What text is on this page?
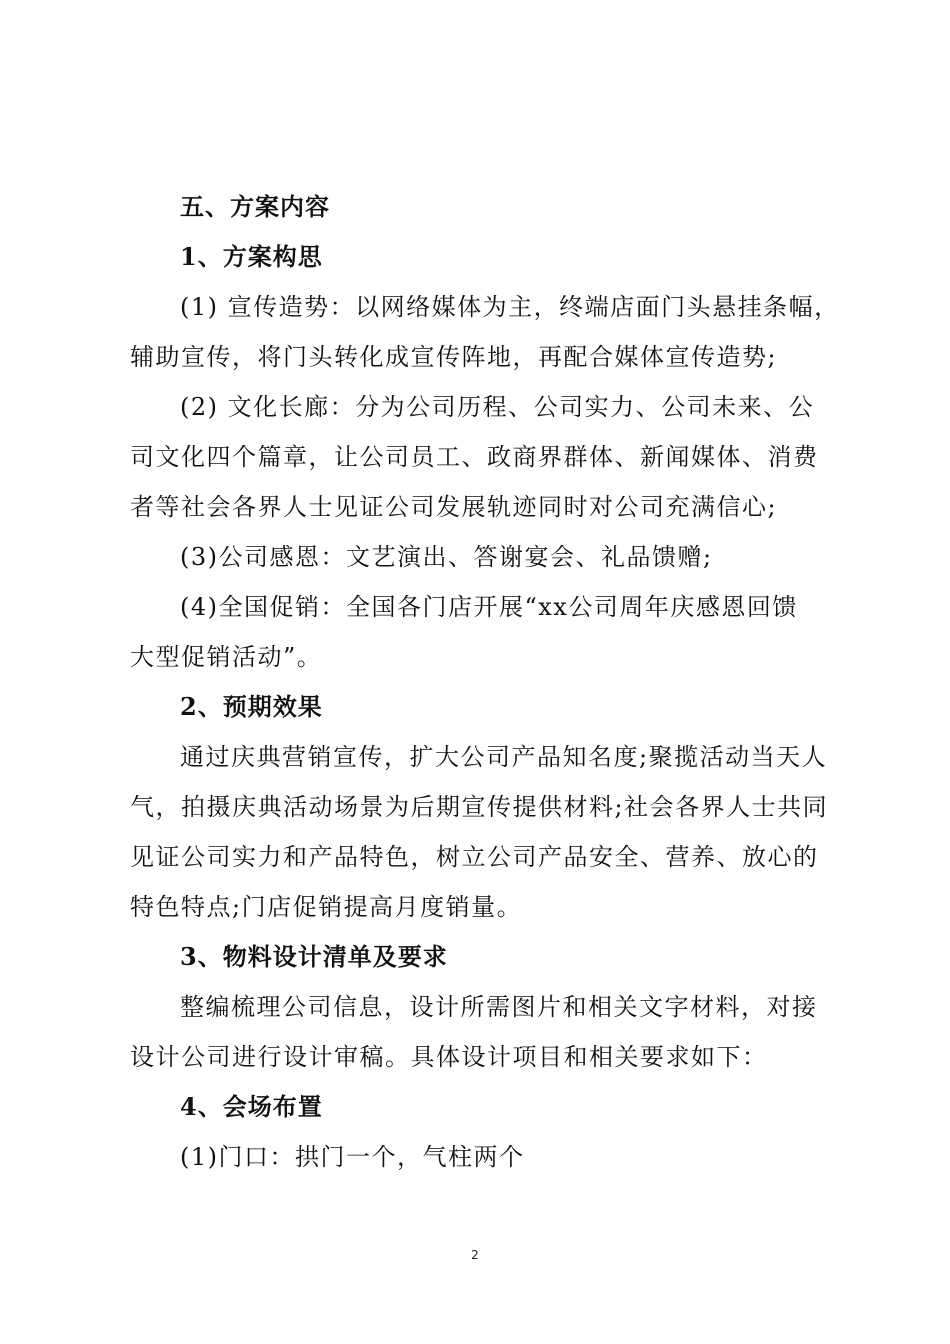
五、方案内容
1、方案构思
(1) 宣传造势：以网络媒体为主，终端店面门头悬挂条幅，
辅助宣传，将门头转化成宣传阵地，再配合媒体宣传造势;
(2) 文化长廊：分为公司历程、公司实力、公司未来、公
司文化四个篇章，让公司员工、政商界群体、新闻媒体、消费
者等社会各界人士见证公司发展轨迹同时对公司充满信心;
(3)公司感恩：文艺演出、答谢宴会、礼品馈赠;
(4)全国促销：全国各门店开展“xx公司周年庆感恩回馈
大型促销活动”。
2、预期效果
通过庆典营销宣传，扩大公司产品知名度;聚揽活动当天人
气，拍摄庆典活动场景为后期宣传提供材料;社会各界人士共同
见证公司实力和产品特色，树立公司产品安全、营养、放心的
特色特点;门店促销提高月度销量。
3、物料设计清单及要求
整编梳理公司信息，设计所需图片和相关文字材料，对接
设计公司进行设计审稿。具体设计项目和相关要求如下：
4、会场布置
(1)门口：拱门一个，气柱两个
2
